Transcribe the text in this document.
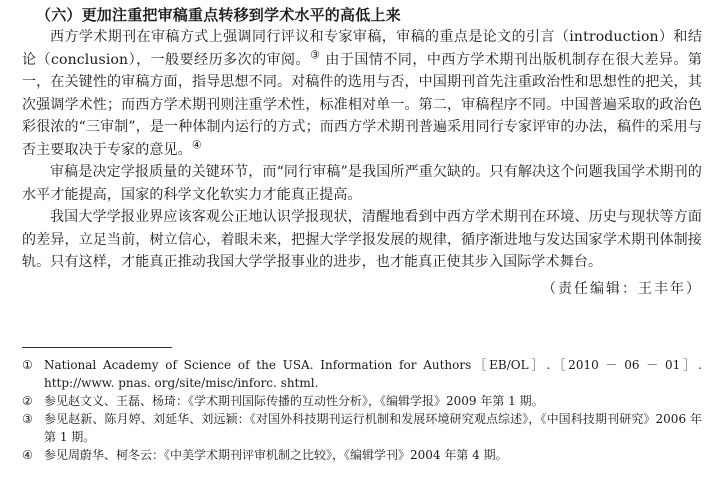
（六）更加注重把审稿重点转移到学术水平的高低上来

西方学术期刊在审稿方式上强调同行评议和专家审稿，审稿的重点是论文的引言（introduction）和结论（conclusion），一般要经历多次的审阅。③ 由于国情不同，中西方学术期刊出版机制存在很大差异。第一，在关键性的审稿方面，指导思想不同。对稿件的选用与否，中国期刊首先注重政治性和思想性的把关，其次强调学术性；而西方学术期刊则注重学术性，标准相对单一。第二，审稿程序不同。中国普遍采取的政治色彩很浓的“三审制”，是一种体制内运行的方式；而西方学术期刊普遍采用同行专家评审的办法，稿件的采用与否主要取决于专家的意见。④

审稿是决定学报质量的关键环节，而“同行审稿”是我国所严重欠缺的。只有解决这个问题我国学术期刊的水平才能提高，国家的科学文化软实力才能真正提高。

我国大学学报业界应该客观公正地认识学报现状，清醒地看到中西方学术期刊在环境、历史与现状等方面的差异，立足当前，树立信心，着眼未来，把握大学学报发展的规律，循序渐进地与发达国家学术期刊体制接轨。只有这样，才能真正推动我国大学学报事业的进步，也才能真正使其步入国际学术舞台。

（责任编辑：王丰年）
① National Academy of Science of the USA. Information for Authors［EB/OL］.［2010 － 06 － 01］. http://www. pnas. org/site/misc/inforc. shtml.
② 参见赵文义、王磊、杨琦：《学术期刊国际传播的互动性分析》，《编辑学报》2009 年第 1 期。
③ 参见赵新、陈月婷、刘延华、刘远颖：《对国外科技期刊运行机制和发展环境研究观点综述》，《中国科技期刊研究》2006 年第 1 期。
④ 参见周蔚华、柯冬云：《中美学术期刊评审机制之比较》，《编辑学刊》2004 年第 4 期。
